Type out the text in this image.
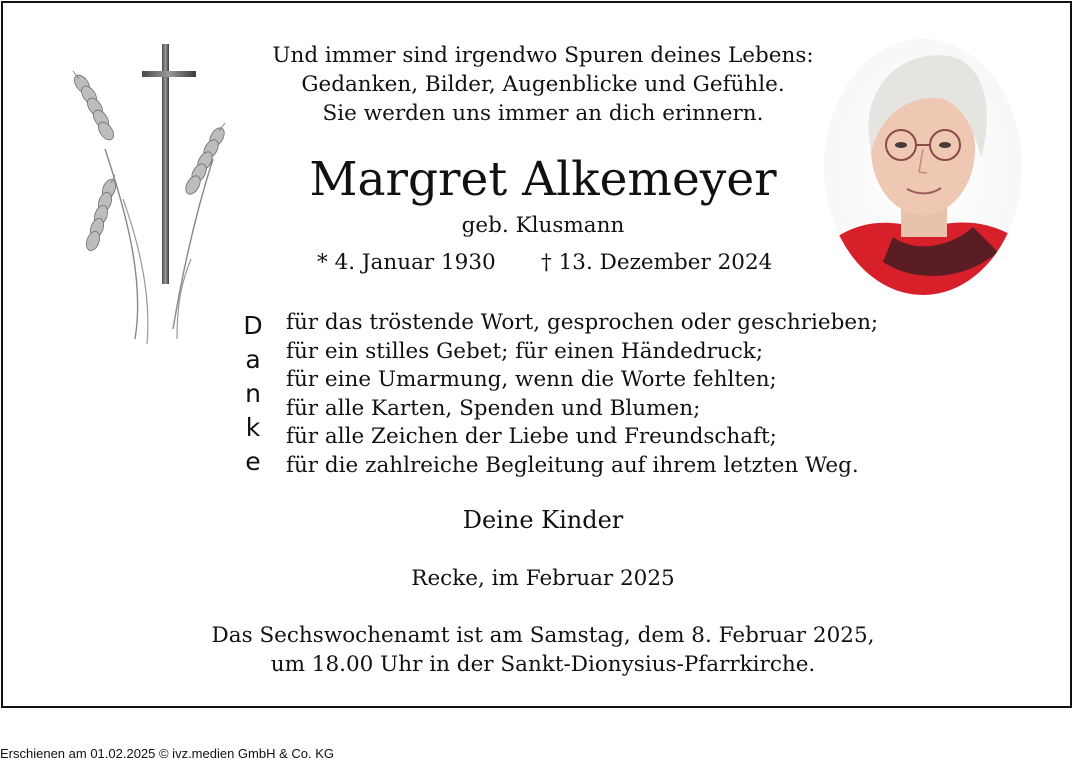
Und immer sind irgendwo Spuren deines Lebens:
Gedanken, Bilder, Augenblicke und Gefühle.
Sie werden uns immer an dich erinnern.
Margret Alkemeyer
geb. Klusmann
* 4. Januar 1930 † 13. Dezember 2024
D
a
n
k
e
für das tröstende Wort, gesprochen oder geschrieben;
für ein stilles Gebet; für einen Händedruck;
für eine Umarmung, wenn die Worte fehlten;
für alle Karten, Spenden und Blumen;
für alle Zeichen der Liebe und Freundschaft;
für die zahlreiche Begleitung auf ihrem letzten Weg.
Deine Kinder
Recke, im Februar 2025
Das Sechswochenamt ist am Samstag, dem 8. Februar 2025,
um 18.00 Uhr in der Sankt-Dionysius-Pfarrkirche.
Erschienen am 01.02.2025 © ivz.medien GmbH & Co. KG
